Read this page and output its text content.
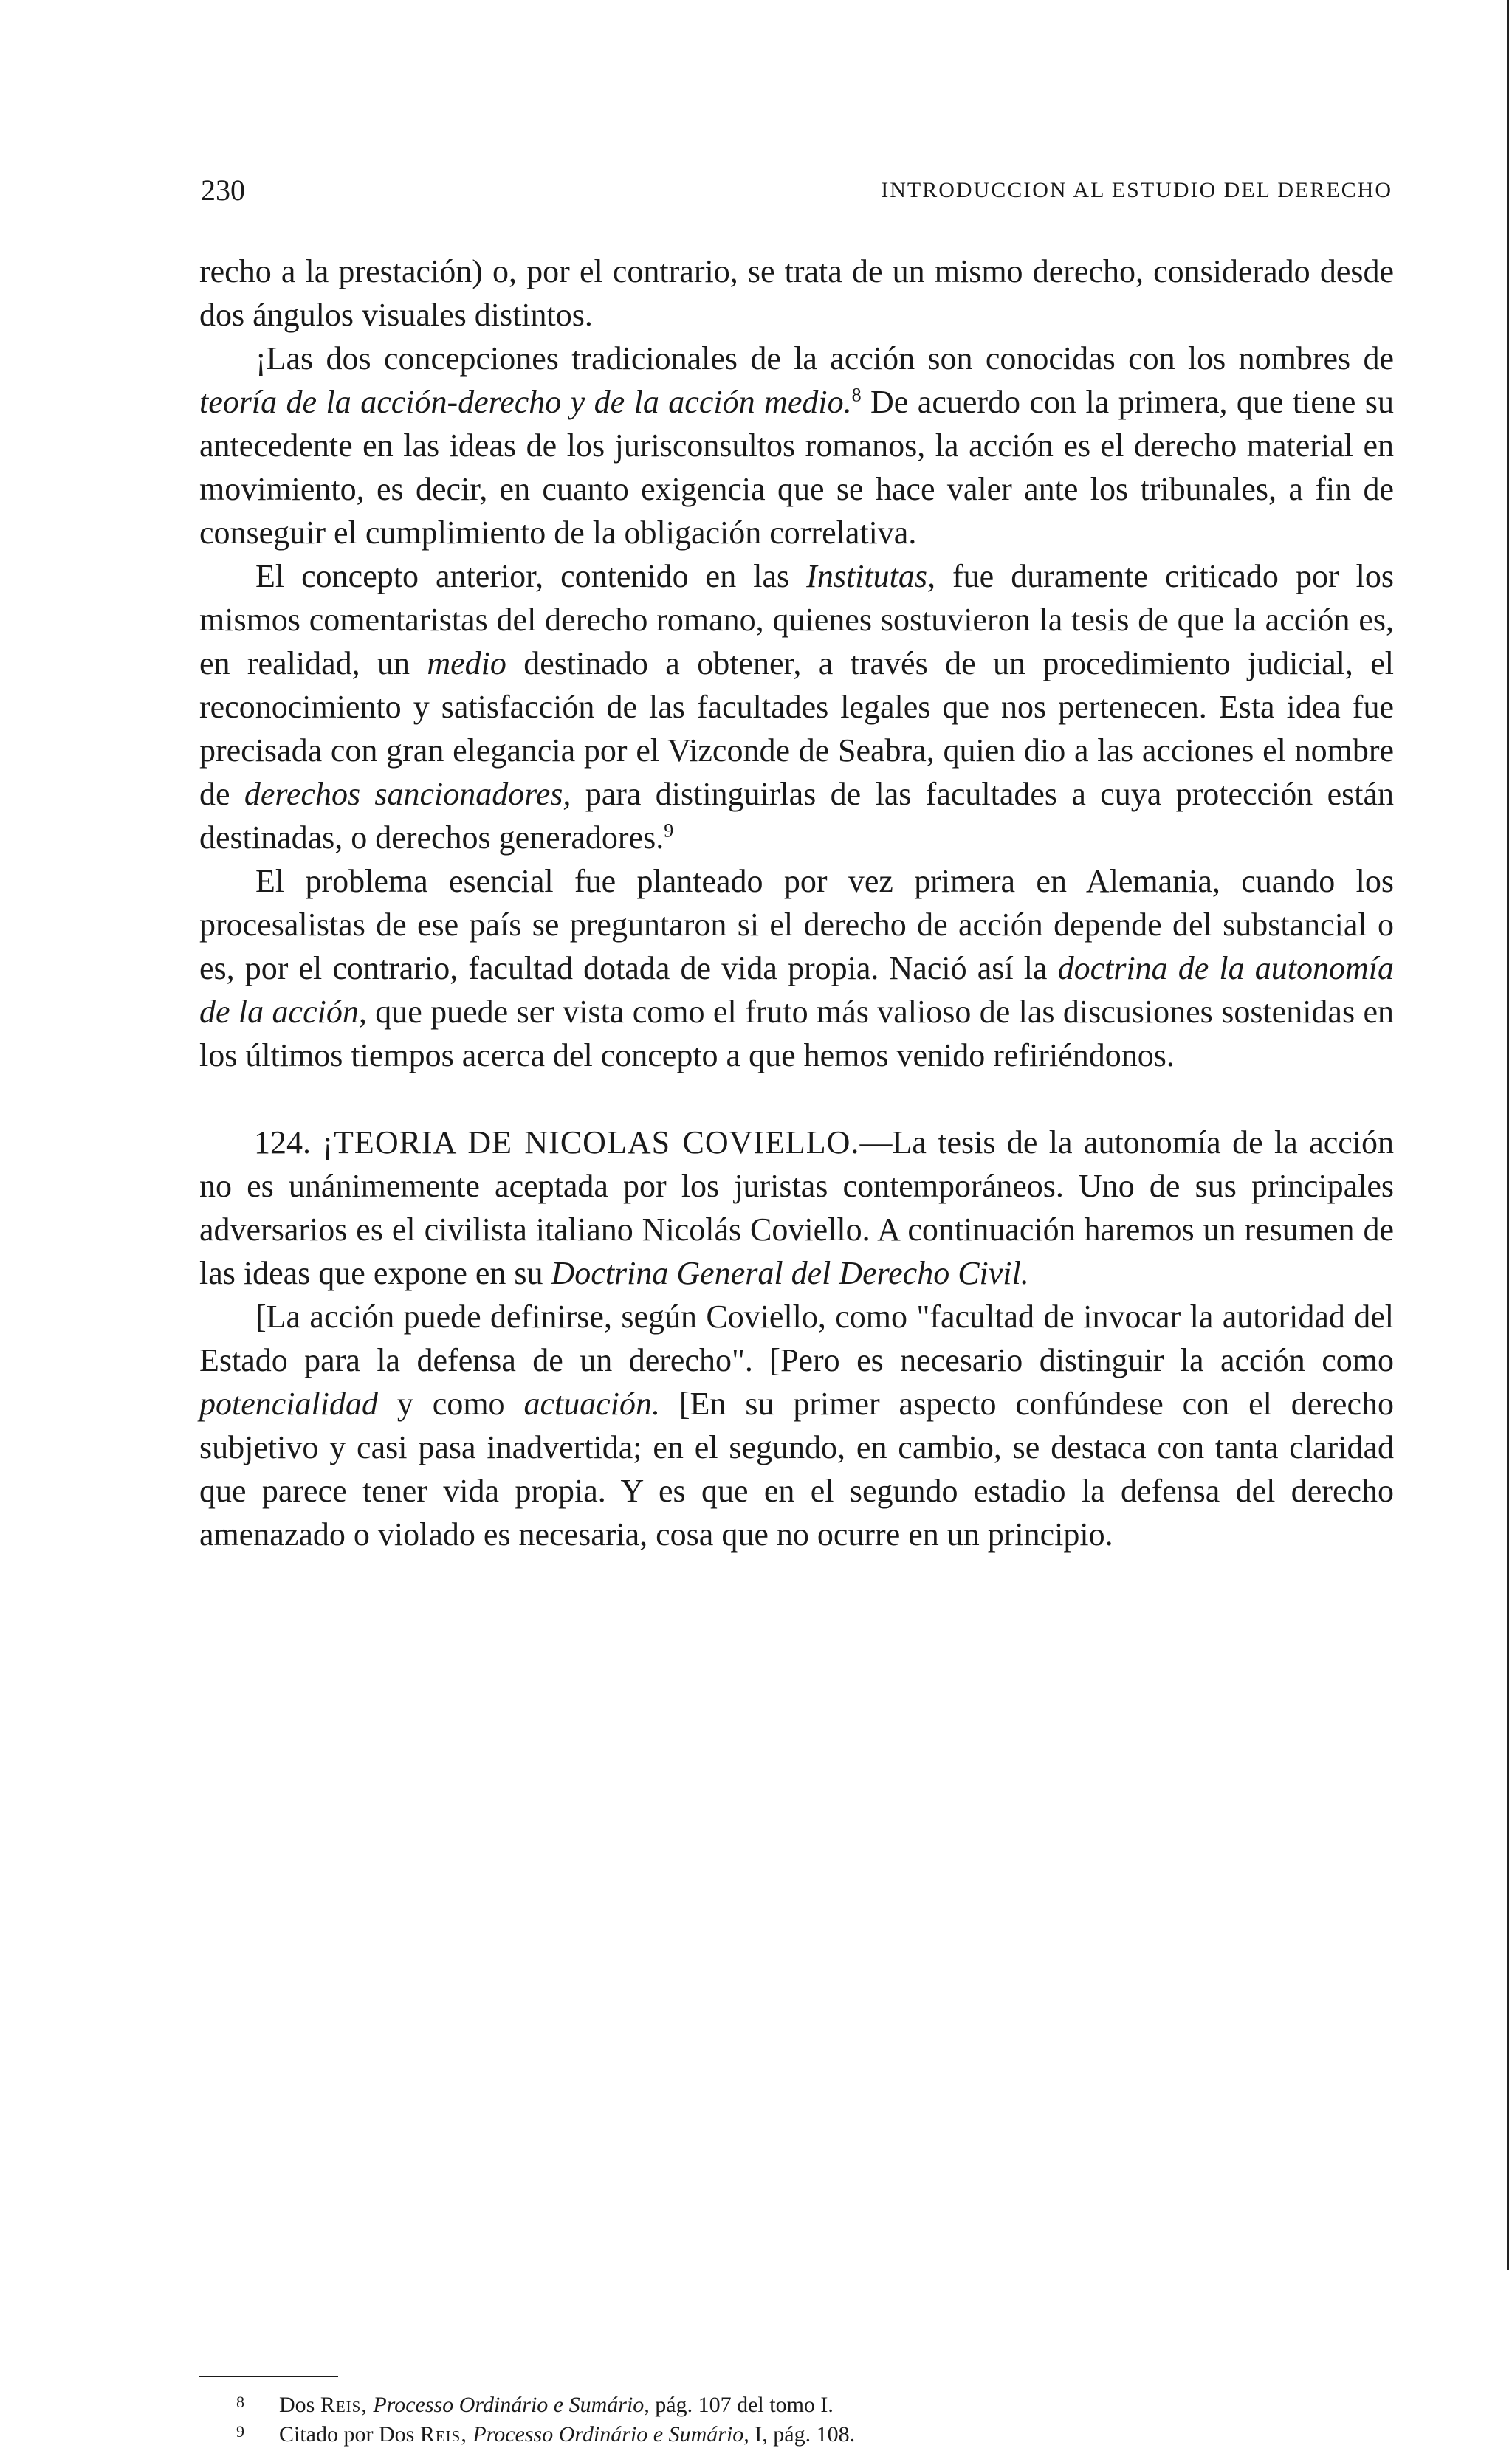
230	INTRODUCCION AL ESTUDIO DEL DERECHO

recho a la prestación) o, por el contrario, se trata de un mismo derecho, considerado desde dos ángulos visuales distintos.

¡Las dos concepciones tradicionales de la acción son conocidas con los nombres de teoría de la acción-derecho y de la acción medio.$^8$ De acuerdo con la primera, que tiene su antecedente en las ideas de los jurisconsultos romanos, la acción es el derecho material en movimiento, es decir, en cuanto exigencia que se hace valer ante los tribunales, a fin de conseguir el cumplimiento de la obligación correlativa.

El concepto anterior, contenido en las Institutas, fue duramente criticado por los mismos comentaristas del derecho romano, quienes sostuvieron la tesis de que la acción es, en realidad, un medio destinado a obtener, a través de un procedimiento judicial, el reconocimiento y satisfacción de las facultades legales que nos pertenecen. Esta idea fue precisada con gran elegancia por el Vizconde de Seabra, quien dio a las acciones el nombre de derechos sancionadores, para distinguirlas de las facultades a cuya protección están destinadas, o derechos generadores.$^9$

El problema esencial fue planteado por vez primera en Alemania, cuando los procesalistas de ese país se preguntaron si el derecho de acción depende del substancial o es, por el contrario, facultad dotada de vida propia. Nació así la doctrina de la autonomía de la acción, que puede ser vista como el fruto más valioso de las discusiones sostenidas en los últimos tiempos acerca del concepto a que hemos venido refiriéndonos.

124. ¡TEORIA DE NICOLAS COVIELLO.—La tesis de la autonomía de la acción no es unánimemente aceptada por los juristas contemporáneos. Uno de sus principales adversarios es el civilista italiano Nicolás Coviello. A continuación haremos un resumen de las ideas que expone en su Doctrina General del Derecho Civil.

[La acción puede definirse, según Coviello, como "facultad de invocar la autoridad del Estado para la defensa de un derecho". [Pero es necesario distinguir la acción como potencialidad y como actuación. [En su primer aspecto confúndese con el derecho subjetivo y casi pasa inadvertida; en el segundo, en cambio, se destaca con tanta claridad que parece tener vida propia. Y es que en el segundo estadio la defensa del derecho amenazado o violado es necesaria, cosa que no ocurre en un principio.

8 Dos Reis, Processo Ordinário e Sumário, pág. 107 del tomo I.

9 Citado por Dos Reis, Processo Ordinário e Sumário, I, pág. 108.
